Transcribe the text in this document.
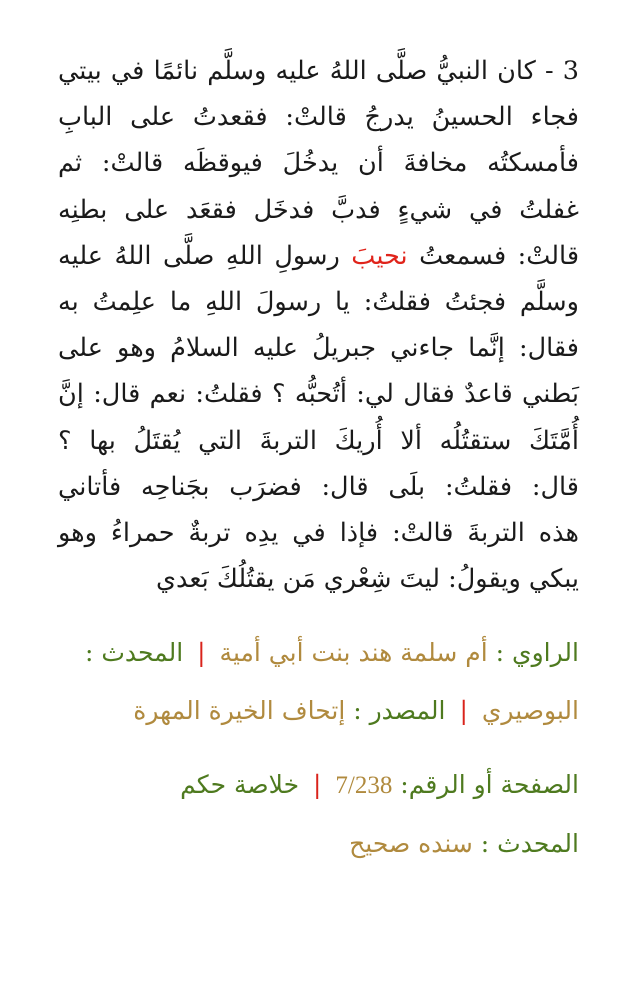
3 - كان النبيُّ صلَّى اللهُ عليه وسلَّم نائمًا في بيتي
فجاء الحسينُ يدرجُ قالتْ: فقعدتُ على البابِ
فأمسكتُه مخافةَ أن يدخُلَ فيوقظَه قالتْ: ثم
غفلتُ في شيءٍ فدبَّ فدخَل فقعَد على بطنِه
قالتْ: فسمعتُ نحيبَ رسولِ اللهِ صلَّى اللهُ عليه
وسلَّم فجئتُ فقلتُ: يا رسولَ اللهِ ما علِمتُ به
فقال: إنَّما جاءني جبريلُ عليه السلامُ وهو على
بَطني قاعدٌ فقال لي: أتُحبُّه ؟ فقلتُ: نعم قال: إنَّ
أُمَّتَكَ ستقتُلُه ألا أُريكَ التربةَ التي يُقتَلُ بها ؟
قال: فقلتُ: بلَى قال: فضرَب بجَناحِه فأتاني
هذه التربةَ قالتْ: فإذا في يدِه تربةٌ حمراءُ وهو
يبكي ويقولُ: ليتَ شِعْري مَن يقتُلُكَ بَعدي
الراوي : أم سلمة هند بنت أبي أمية | المحدث :
البوصيري | المصدر : إتحاف الخيرة المهرة
الصفحة أو الرقم: 7/238 | خلاصة حكم
المحدث : سنده صحيح
